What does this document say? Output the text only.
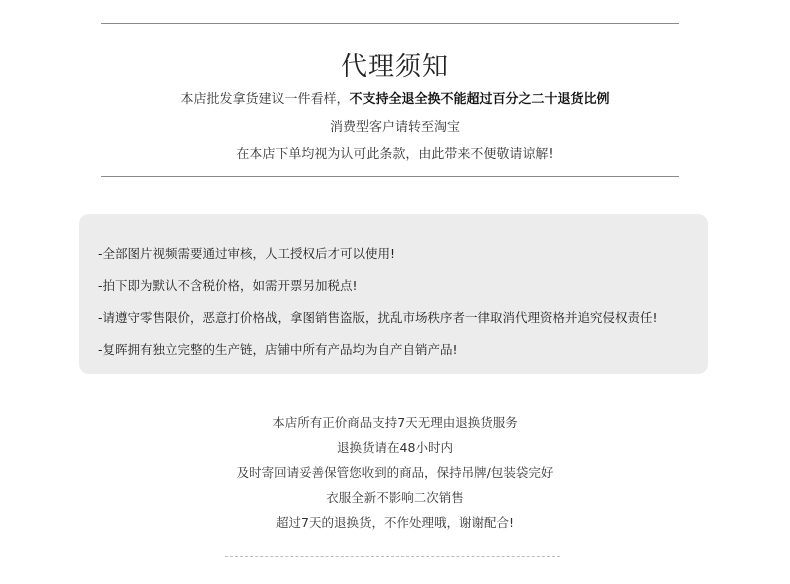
代理须知
本店批发拿货建议一件看样，不支持全退全换不能超过百分之二十退货比例
消费型客户请转至淘宝
在本店下单均视为认可此条款，由此带来不便敬请谅解!
-全部图片视频需要通过审核，人工授权后才可以使用!
-拍下即为默认不含税价格，如需开票另加税点!
-请遵守零售限价，恶意打价格战，拿图销售盗版，扰乱市场秩序者一律取消代理资格并追究侵权责任!
-复晖拥有独立完整的生产链，店铺中所有产品均为自产自销产品!
本店所有正价商品支持7天无理由退换货服务
退换货请在48小时内
及时寄回请妥善保管您收到的商品，保持吊牌/包装袋完好
衣服全新不影响二次销售
超过7天的退换货，不作处理哦，谢谢配合!
